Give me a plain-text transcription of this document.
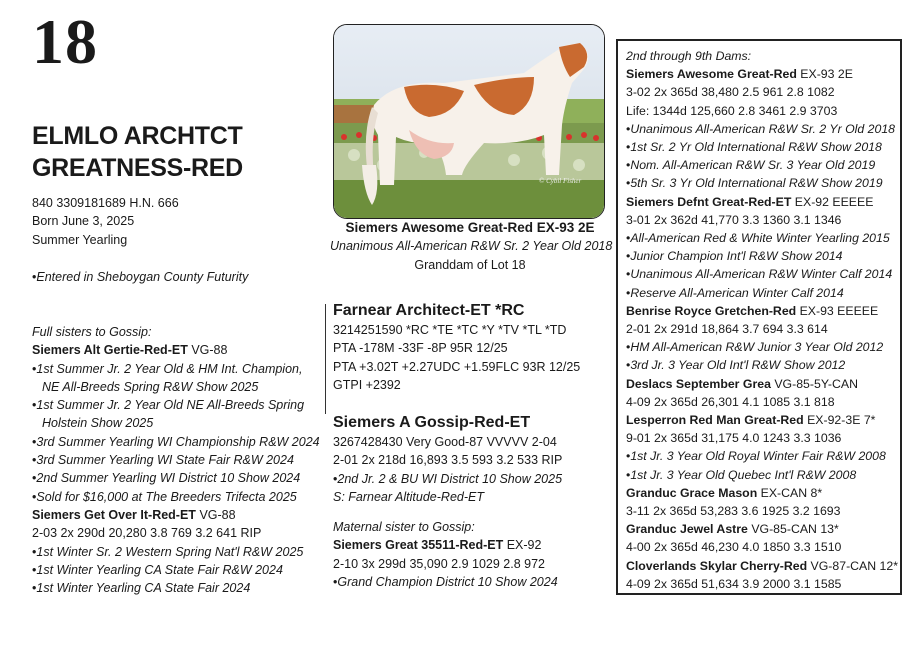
18
ELMLO ARCHTCT
GREATNESS-RED
840 3309181689 H.N. 666
Born June 3, 2025
Summer Yearling
• Entered in Sheboygan County Futurity
Full sisters to Gossip:
Siemers Alt Gertie-Red-ET VG-88
• 1st Summer Jr. 2 Year Old & HM Int. Champion,
NE All-Breeds Spring R&W Show 2025
• 1st Summer Jr. 2 Year Old NE All-Breeds Spring
Holstein Show 2025
• 3rd Summer Yearling WI Championship R&W 2024
• 3rd Summer Yearling WI State Fair R&W 2024
• 2nd Summer Yearling WI District 10 Show 2024
• Sold for $16,000 at The Breeders Trifecta 2025
Siemers Get Over It-Red-ET VG-88
2-03 2x 290d 20,280 3.8 769 3.2 641 RIP
• 1st Winter Sr. 2 Western Spring Nat'l R&W 2025
• 1st Winter Yearling CA State Fair R&W 2024
• 1st Winter Yearling CA State Fair 2024
© Cybil Fisher
Siemers Awesome Great-Red EX-93 2E
Unanimous All-American R&W Sr. 2 Year Old 2018
Granddam of Lot 18
Farnear Architect-ET *RC
3214251590 *RC *TE *TC *Y *TV *TL *TD
PTA -178M -33F -8P 95R 12/25
PTA +3.02T +2.27UDC +1.59FLC 93R 12/25
GTPI +2392
Siemers A Gossip-Red-ET
3267428430 Very Good-87 VVVVV 2-04
2-01 2x 218d 16,893 3.5 593 3.2 533 RIP
• 2nd Jr. 2 & BU WI District 10 Show 2025
S: Farnear Altitude-Red-ET
Maternal sister to Gossip:
Siemers Great 35511-Red-ET EX-92
2-10 3x 299d 35,090 2.9 1029 2.8 972
• Grand Champion District 10 Show 2024
2nd through 9th Dams:
Siemers Awesome Great-Red EX-93 2E
3-02 2x 365d 38,480 2.5 961 2.8 1082
Life: 1344d 125,660 2.8 3461 2.9 3703
• Unanimous All-American R&W Sr. 2 Yr Old 2018
• 1st Sr. 2 Yr Old International R&W Show 2018
• Nom. All-American R&W Sr. 3 Year Old 2019
• 5th Sr. 3 Yr Old International R&W Show 2019
Siemers Defnt Great-Red-ET EX-92 EEEEE
3-01 2x 362d 41,770 3.3 1360 3.1 1346
• All-American Red & White Winter Yearling 2015
• Junior Champion Int'l R&W Show 2014
• Unanimous All-American R&W Winter Calf 2014
• Reserve All-American Winter Calf 2014
Benrise Royce Gretchen-Red EX-93 EEEEE
2-01 2x 291d 18,864 3.7 694 3.3 614
• HM All-American R&W Junior 3 Year Old 2012
• 3rd Jr. 3 Year Old Int'l R&W Show 2012
Deslacs September Grea VG-85-5Y-CAN
4-09 2x 365d 26,301 4.1 1085 3.1 818
Lesperron Red Man Great-Red EX-92-3E 7*
9-01 2x 365d 31,175 4.0 1243 3.3 1036
• 1st Jr. 3 Year Old Royal Winter Fair R&W 2008
• 1st Jr. 3 Year Old Quebec Int'l R&W 2008
Granduc Grace Mason EX-CAN 8*
3-11 2x 365d 53,283 3.6 1925 3.2 1693
Granduc Jewel Astre VG-85-CAN 13*
4-00 2x 365d 46,230 4.0 1850 3.3 1510
Cloverlands Skylar Cherry-Red VG-87-CAN 12*
4-09 2x 365d 51,634 3.9 2000 3.1 1585
